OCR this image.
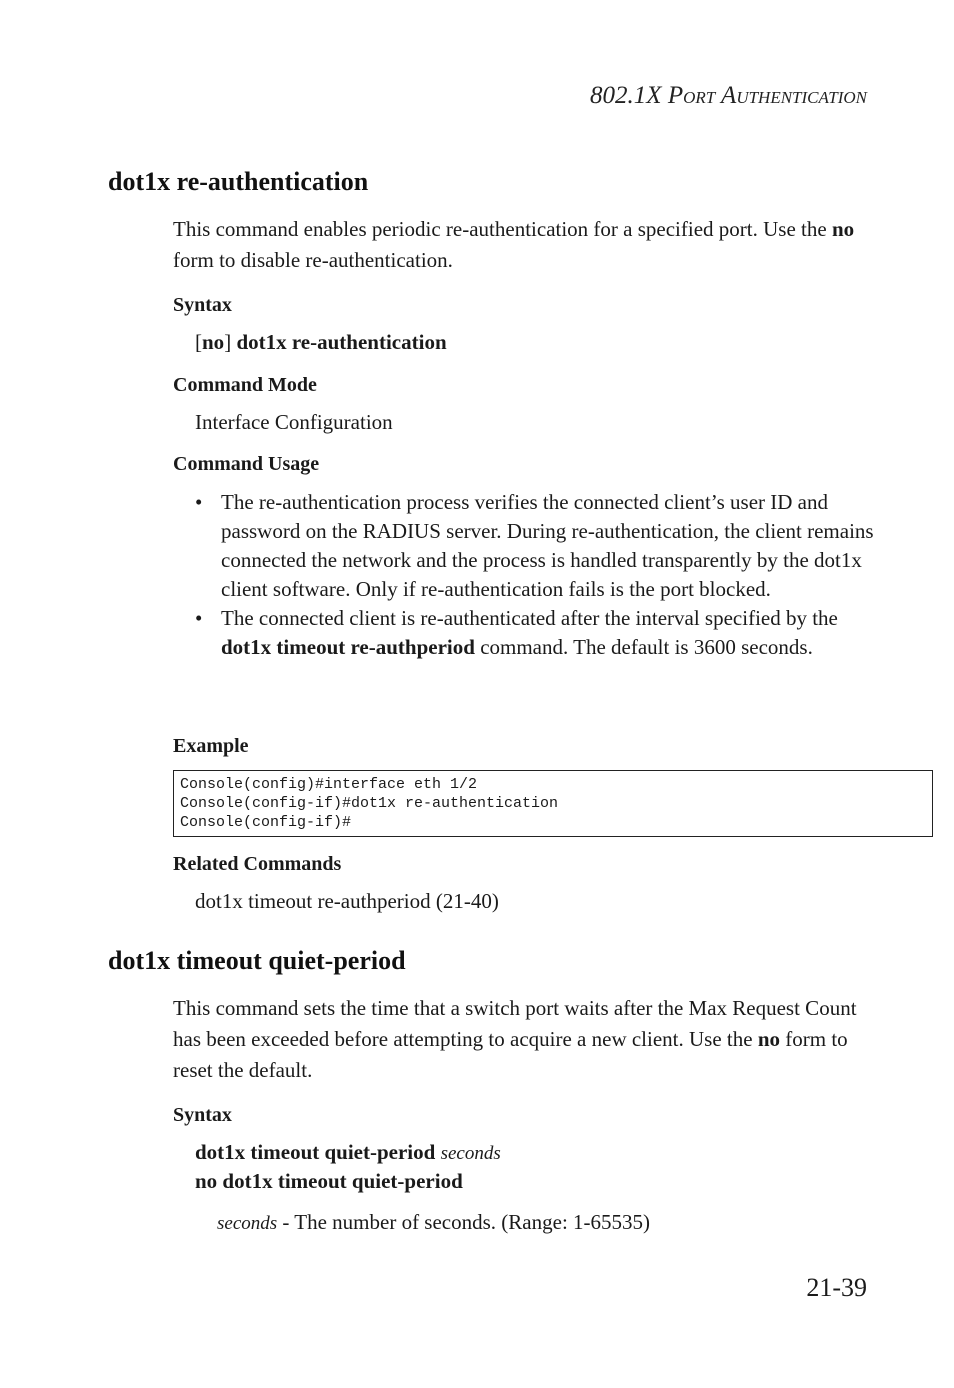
802.1X PORT AUTHENTICATION
dot1x re-authentication
This command enables periodic re-authentication for a specified port. Use the no form to disable re-authentication.
Syntax
[no] dot1x re-authentication
Command Mode
Interface Configuration
Command Usage
• The re-authentication process verifies the connected client’s user ID and password on the RADIUS server. During re-authentication, the client remains connected the network and the process is handled transparently by the dot1x client software. Only if re-authentication fails is the port blocked.
• The connected client is re-authenticated after the interval specified by the dot1x timeout re-authperiod command. The default is 3600 seconds.
Example
Console(config)#interface eth 1/2
Console(config-if)#dot1x re-authentication
Console(config-if)#
Related Commands
dot1x timeout re-authperiod (21-40)
dot1x timeout quiet-period
This command sets the time that a switch port waits after the Max Request Count has been exceeded before attempting to acquire a new client. Use the no form to reset the default.
Syntax
dot1x timeout quiet-period seconds
no dot1x timeout quiet-period
seconds - The number of seconds. (Range: 1-65535)
21-39
